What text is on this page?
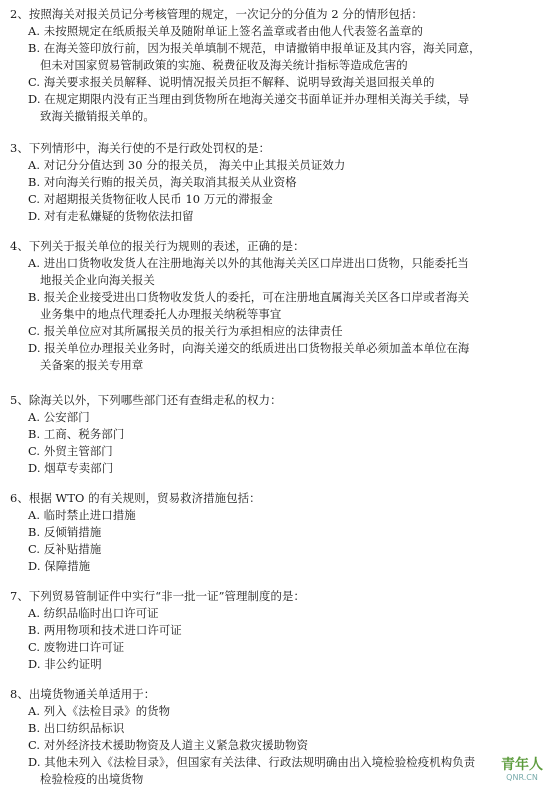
2、按照海关对报关员记分考核管理的规定，一次记分的分值为 2 分的情形包括：
A. 未按照规定在纸质报关单及随附单证上签名盖章或者由他人代表签名盖章的
B. 在海关签印放行前，因为报关单填制不规范，申请撤销申报单证及其内容，海关同意，
但未对国家贸易管制政策的实施、税费征收及海关统计指标等造成危害的
C. 海关要求报关员解释、说明情况报关员拒不解释、说明导致海关退回报关单的
D. 在规定期限内没有正当理由到货物所在地海关递交书面单证并办理相关海关手续，导
致海关撤销报关单的。
3、下列情形中，海关行使的不是行政处罚权的是：
A. 对记分分值达到 30 分的报关员， 海关中止其报关员证效力
B. 对向海关行贿的报关员，海关取消其报关从业资格
C. 对超期报关货物征收人民币 10 万元的滞报金
D. 对有走私嫌疑的货物依法扣留
4、下列关于报关单位的报关行为规则的表述，正确的是：
A. 进出口货物收发货人在注册地海关以外的其他海关关区口岸进出口货物，只能委托当
地报关企业向海关报关
B. 报关企业接受进出口货物收发货人的委托，可在注册地直属海关关区各口岸或者海关
业务集中的地点代理委托人办理报关纳税等事宜
C. 报关单位应对其所属报关员的报关行为承担相应的法律责任
D. 报关单位办理报关业务时，向海关递交的纸质进出口货物报关单必须加盖本单位在海
关备案的报关专用章
5、除海关以外，下列哪些部门还有查缉走私的权力：
A. 公安部门
B. 工商、税务部门
C. 外贸主管部门
D. 烟草专卖部门
6、根据 WTO 的有关规则，贸易救济措施包括：
A. 临时禁止进口措施
B. 反倾销措施
C. 反补贴措施
D. 保障措施
7、下列贸易管制证件中实行“非一批一证”管理制度的是：
A. 纺织品临时出口许可证
B. 两用物项和技术进口许可证
C. 废物进口许可证
D. 非公约证明
8、出境货物通关单适用于：
A. 列入《法检目录》的货物
B. 出口纺织品标识
C. 对外经济技术援助物资及人道主义紧急救灾援助物资
D. 其他未列入《法检目录》，但国家有关法律、行政法规明确由出入境检验检疫机构负责
检验检疫的出境货物
青年人
QNR.CN
